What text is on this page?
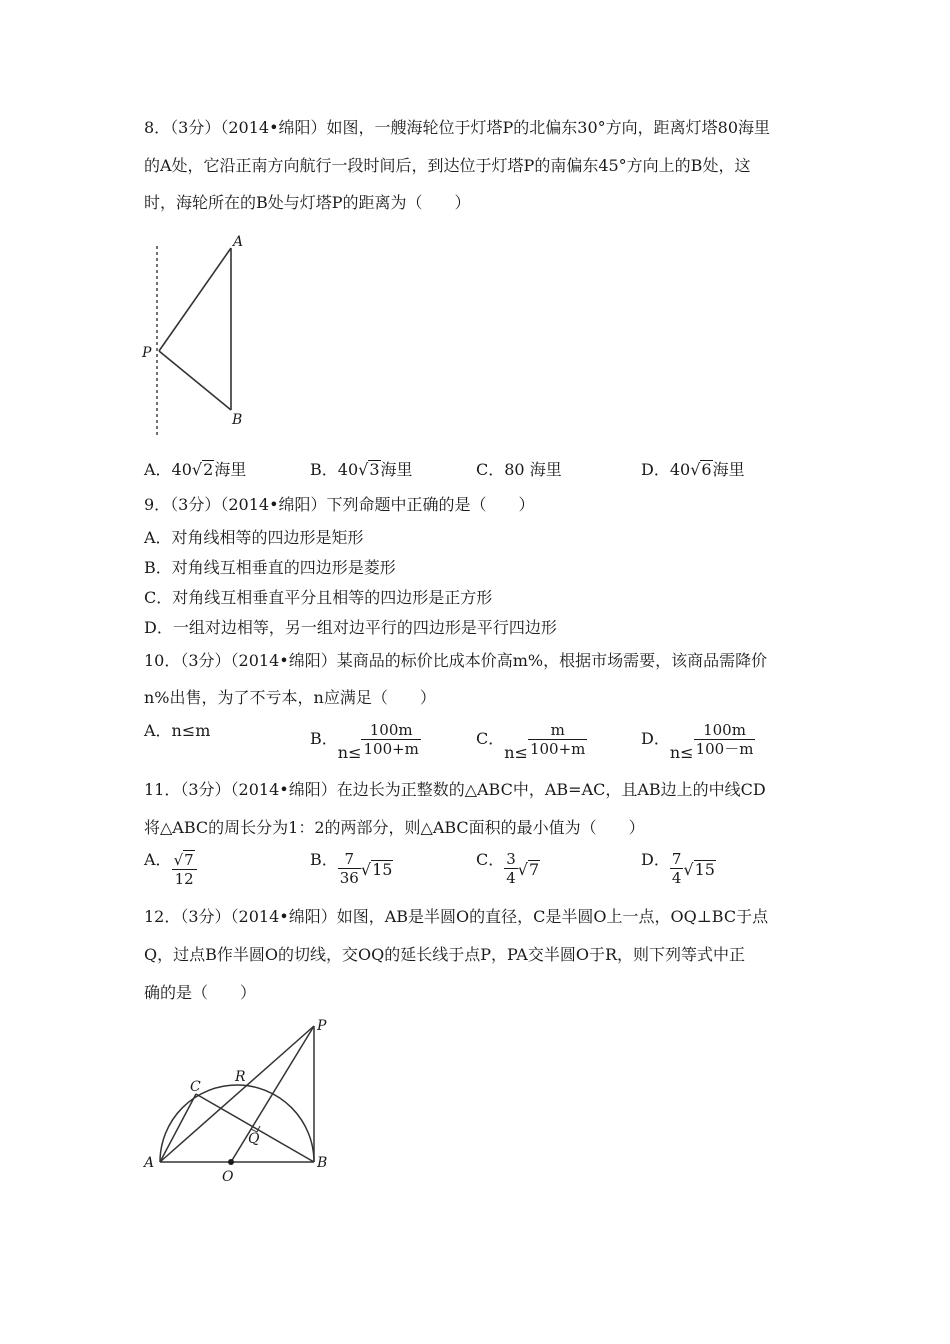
8．（3分）（2014•绵阳）如图，一艘海轮位于灯塔P的北偏东30°方向，距离灯塔80海里
的A处，它沿正南方向航行一段时间后，到达位于灯塔P的南偏东45°方向上的B处，这
时，海轮所在的B处与灯塔P的距离为（　　）
A
P
B
A．40√2海里	B．40√3海里	C．80 海里	D．40√6海里
9．（3分）（2014•绵阳）下列命题中正确的是（　　）
A．对角线相等的四边形是矩形
B．对角线互相垂直的四边形是菱形
C．对角线互相垂直平分且相等的四边形是正方形
D．一组对边相等，另一组对边平行的四边形是平行四边形
10．（3分）（2014•绵阳）某商品的标价比成本价高m%，根据市场需要，该商品需降价
n%出售，为了不亏本，n应满足（　　）
A．n≤m	B．$n\le \frac{100m}{100+m}$	C．$n\le \frac{m}{100+m}$	D．$n\le \frac{100m}{100-m}$
11．（3分）（2014•绵阳）在边长为正整数的△ABC中，AB=AC，且AB边上的中线CD
将△ABC的周长分为1：2的两部分，则△ABC面积的最小值为（　　）
A． $\frac{√7}{12}$	B． $\frac{7}{36} √15$
C． $\frac{3}{4} √7$
D． $\frac{7}{4} √15$
12．（3分）（2014•绵阳）如图，AB是半圆O的直径，C是半圆O上一点，OQ⊥BC于点
Q，过点B作半圆O的切线，交OQ的延长线于点P，PA交半圆O于R，则下列等式中正
确的是（　　）
P
C
R
Q
A	B
O
